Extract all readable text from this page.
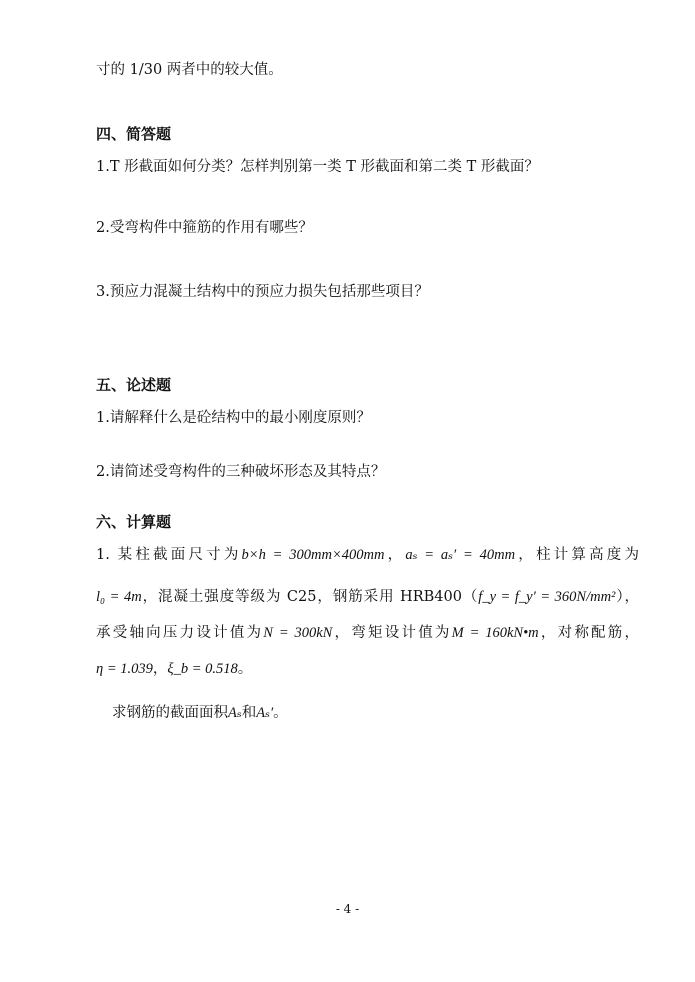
寸的 1/30 两者中的较大值。
四、简答题
1.T 形截面如何分类？怎样判别第一类 T 形截面和第二类 T 形截面？
2.受弯构件中箍筋的作用有哪些？
3.预应力混凝土结构中的预应力损失包括那些项目？
五、论述题
1.请解释什么是砼结构中的最小刚度原则？
2.请简述受弯构件的三种破坏形态及其特点？
六、计算题
1. 某柱截面尺寸为b×h = 300mm×400mm，aₛ = aₛ′ = 40mm，柱计算高度为
l₀ = 4m，混凝土强度等级为 C25，钢筋采用 HRB400（f_y = f_y′ = 360N/mm²），
承受轴向压力设计值为N = 300kN，弯矩设计值为M = 160kN•m，对称配筋，
η = 1.039，ξ_b = 0.518。
求钢筋的截面面积Aₛ和Aₛ′。
- 4 -
